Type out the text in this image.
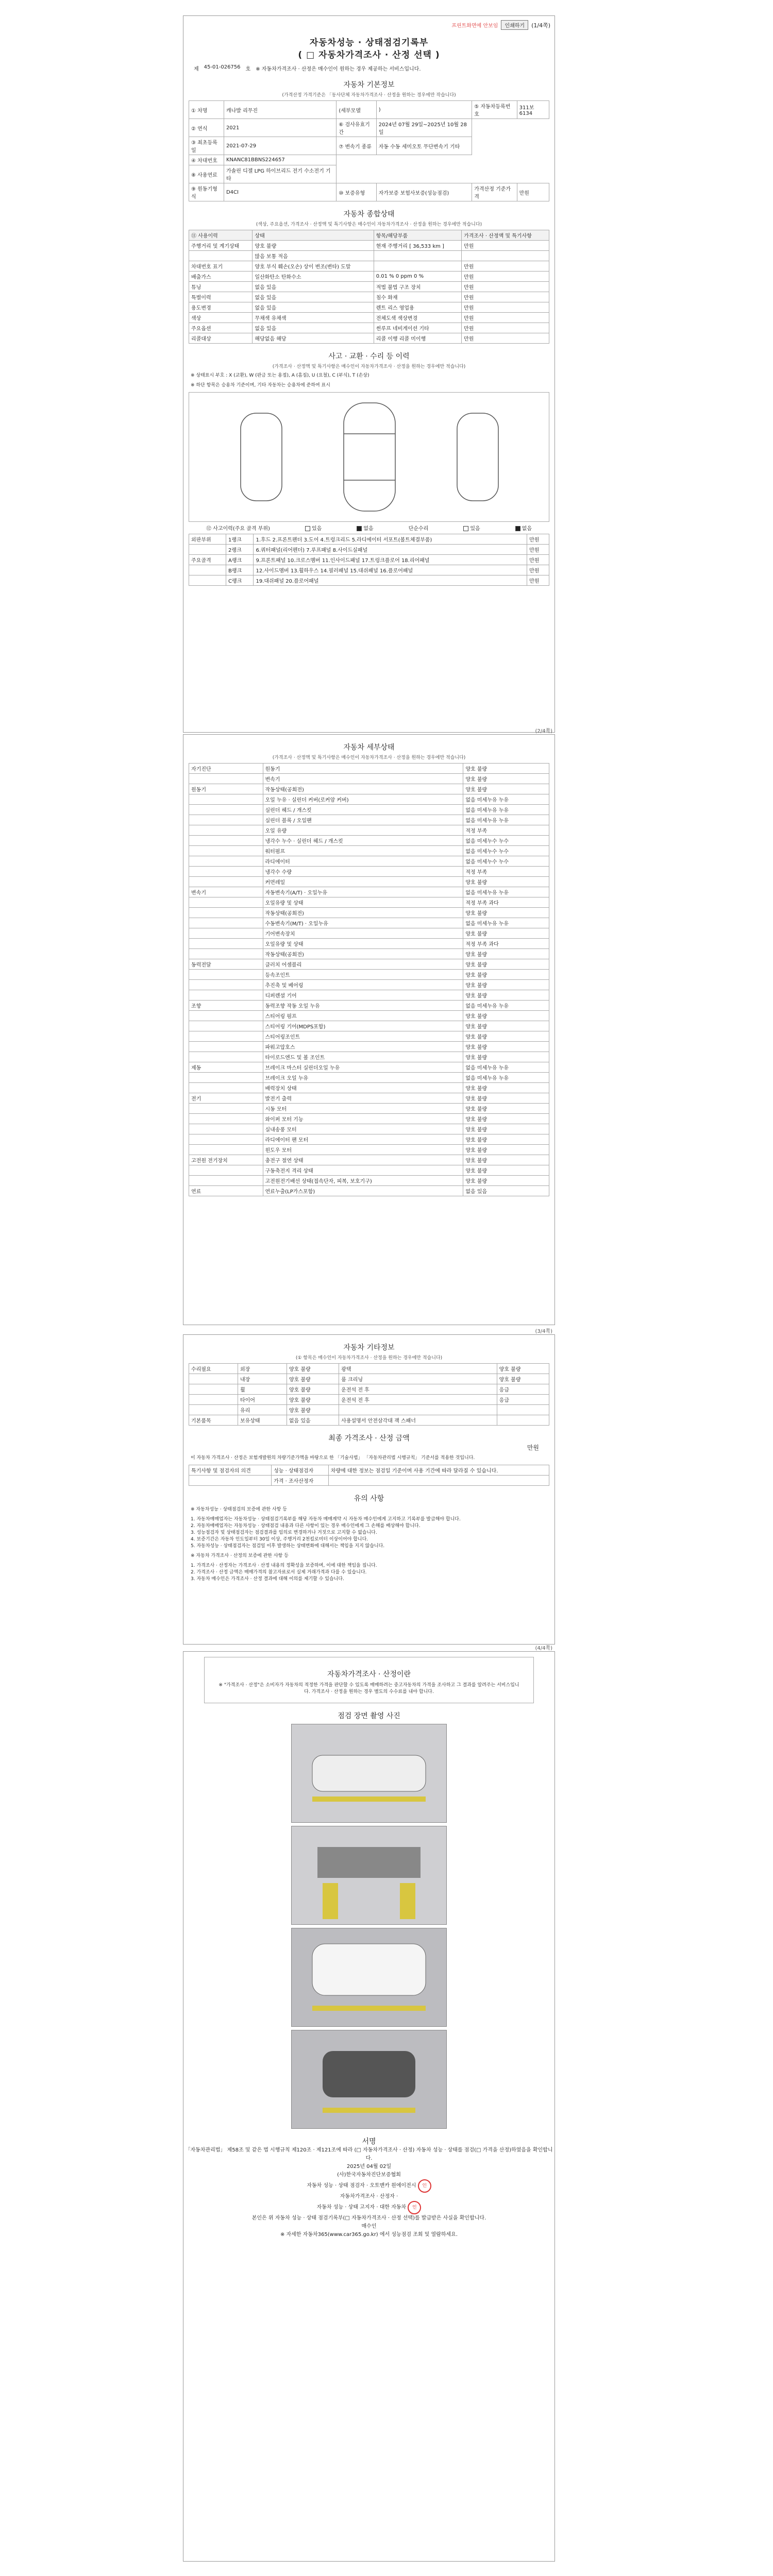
프린트화면에 안보임	인쇄하기	(1/4쪽)
자동차성능 · 상태점검기록부
( □ 자동차가격조사 · 산정 선택 )
제 45-01-026756 호 ※ 자동차가격조사 · 산정은 매수인이 원하는 경우 제공하는 서비스입니다.
자동차 기본정보
(가격산정 가격기준은 「동사단체 자동차가격조사 · 산정을 원하는 경우에만 작습니다)
① 차명	캐나발 리무진	(세부모델	)	⑤ 자동차등록번호	311보6134
② 연식	2021	⑥ 검사유효기간	2024년 07월 29일~2025년 10월 28일		
③ 최초등록일	2021-07-29	⑦ 변속기 종류	자동 수동 세미오토 무단변속기 기타		
④ 차대번호	KNANC81BBNS224657				
⑧ 사용연료	가솔린 디젤 LPG 하이브리드 전기 수소전기 기타				
⑨ 원동기형식	D4CI	⑩ 보증유형	자가보증 보험사보증(성능점검)	가격산정 기준가격	만원
자동차 종합상태
(색상, 주요옵션, 가격조사 · 산정액 및 특기사항은 매수인이 자동차가격조사 · 산정을 원하는 경우에만 적습니다)
⑪ 사용이력	상태	항목/해당부품	가격조사 · 산정액 및 특기사항
주행거리 및 계기상태	양호 불량	현재 주행거리 [ 36,533 km ]	만원
	많음 보통 적음		
차대번호 표기	양호 부식 훼손(오손) 상이 변조(변타) 도말		만원
배출가스	일산화탄소 탄화수소	0.01 % 0 ppm 0 %	만원
튜닝	없음 있음	적법 불법 구조 장치	만원
특별이력	없음 있음	침수 화재	만원
용도변경	없음 있음	렌트 리스 영업용	만원
색상	무채색 유채색	전체도색 색상변경	만원
주요옵션	없음 있음	썬루프 네비게이션 기타	만원
리콜대상	해당없음 해당	리콜 이행 리콜 미이행	만원
사고 · 교환 · 수리 등 이력
(가격조사 · 산정액 및 특기사항은 매수인이 자동차가격조사 · 산정을 원하는 경우에만 적습니다)
※ 상태표시 부호 : X (교환), W (판금 또는 용접), A (흠집), U (요철), C (부식), T (손상)
※ 하단 항목은 승용차 기준이며, 기타 자동차는 승용차에 준하여 표시
⑫ 사고이력(주요 골격 부위)	있음	없음	단순수리	있음	없음
외판부위	1랭크	1.후드 2.프론트펜더 3.도어 4.트렁크리드 5.라디에이터 서포트(볼트체결부품)	만원
	2랭크	6.쿼터패널(리어펜더) 7.루프패널 8.사이드실패널	만원
주요골격	A랭크	9.프론트패널 10.크로스멤버 11.인사이드패널 17.트렁크플로어 18.리어패널	만원
	B랭크	12.사이드멤버 13.휠하우스 14.필러패널 15.대쉬패널 16.플로어패널	만원
	C랭크	19.대쉬패널 20.플로어패널	만원
(2/4쪽)
자동차 세부상태
(가격조사 · 산정액 및 특기사항은 매수인이 자동차가격조사 · 산정을 원하는 경우에만 적습니다)
자기진단	원동기	양호 불량
	변속기	양호 불량
원동기	작동상태(공회전)	양호 불량
	오일 누유 · 실린더 커버(로커암 커버)	없음 미세누유 누유
	실린더 헤드 / 개스킷	없음 미세누유 누유
	실린더 블록 / 오일팬	없음 미세누유 누유
	오일 유량	적정 부족
	냉각수 누수 · 실린더 헤드 / 개스킷	없음 미세누수 누수
	워터펌프	없음 미세누수 누수
	라디에이터	없음 미세누수 누수
	냉각수 수량	적정 부족
	커먼레일	양호 불량
변속기	자동변속기(A/T) · 오일누유	없음 미세누유 누유
	오일유량 및 상태	적정 부족 과다
	작동상태(공회전)	양호 불량
	수동변속기(M/T) · 오일누유	없음 미세누유 누유
	기어변속장치	양호 불량
	오일유량 및 상태	적정 부족 과다
	작동상태(공회전)	양호 불량
동력전달	클러치 어셈블리	양호 불량
	등속조인트	양호 불량
	추진축 및 베어링	양호 불량
	디퍼렌셜 기어	양호 불량
조향	동력조향 작동 오일 누유	없음 미세누유 누유
	스티어링 펌프	양호 불량
	스티어링 기어(MDPS포함)	양호 불량
	스티어링조인트	양호 불량
	파워고압호스	양호 불량
	타이로드엔드 및 볼 조인트	양호 불량
제동	브레이크 마스터 실린더오일 누유	없음 미세누유 누유
	브레이크 오일 누유	없음 미세누유 누유
	배력장치 상태	양호 불량
전기	발전기 출력	양호 불량
	시동 모터	양호 불량
	와이퍼 모터 기능	양호 불량
	실내송풍 모터	양호 불량
	라디에이터 팬 모터	양호 불량
	윈도우 모터	양호 불량
고전원 전기장치	충전구 절연 상태	양호 불량
	구동축전지 격리 상태	양호 불량
	고전원전기배선 상태(접속단자, 피복, 보호기구)	양호 불량
연료	연료누출(LP가스포함)	없음 있음
(3/4쪽)
자동차 기타정보
(① 항목은 매수인이 자동차가격조사 · 산정을 원하는 경우에만 적습니다)
수리필요	외장	양호 불량	광택	양호 불량
	내장	양호 불량	룸 크리닝	양호 불량
	휠	양호 불량	운전석 전 후	응급
	타이어	양호 불량	운전석 전 후	응급
	유리	양호 불량		
기본품목	보유상태	없음 있음	사용설명서 안전삼각대 잭 스패너	
최종 가격조사 · 산정 금액
만원
이 자동차 가격조사 · 산정은 보험개발원의 차량기준가액을 바탕으로 한 「기술사법」 「자동차관리법 시행규칙」 기준서를 적용한 것입니다.
특기사항 및 점검자의 의견	성능 · 상태점검자	차량에 대한 정보는 점검일 기준이며 사용 기간에 따라 달라질 수 있습니다.
	가격 · 조사산정자	
유의 사항
※ 자동차성능 · 상태점검의 보증에 관한 사항 등
1. 자동차매매업자는 자동차성능 · 상태점검기록부를 해당 자동차 매매계약 시 자동차 매수인에게 고지하고 기록부를 발급해야 합니다.
2. 자동차매매업자는 자동차성능 · 상태점검 내용과 다른 사항이 있는 경우 매수인에게 그 손해를 배상해야 합니다.
3. 성능점검자 및 상태점검자는 점검결과를 임의로 변경하거나 거짓으로 고지할 수 없습니다.
4. 보증기간은 자동차 인도일부터 30일 이상, 주행거리 2천킬로미터 이상이어야 합니다.
5. 자동차성능 · 상태점검자는 점검일 이후 발생하는 상태변화에 대해서는 책임을 지지 않습니다.
※ 자동차 가격조사 · 산정의 보증에 관한 사항 등
1. 가격조사 · 산정자는 가격조사 · 산정 내용의 정확성을 보증하며, 이에 대한 책임을 집니다.
2. 가격조사 · 산정 금액은 매매가격의 참고자료로서 실제 거래가격과 다를 수 있습니다.
3. 자동차 매수인은 가격조사 · 산정 결과에 대해 이의를 제기할 수 있습니다.
(4/4쪽)
자동차가격조사 · 산정이란
※ "가격조사 · 산정"은 소비자가 자동차의 적정한 가격을 판단할 수 있도록 매매하려는 중고자동차의 가격을 조사하고 그 결과를 알려주는 서비스입니다. 가격조사 · 산정을 원하는 경우 별도의 수수료를 내야 합니다.
점검 장면 촬영 사진
서명
「자동차관리법」 제58조 및 같은 법 시행규칙 제120조 · 제121조에 따라 (□ 자동차가격조사 · 산정) 자동차 성능 · 상태를 점검(□ 가격을 산정)하였음을 확인합니다.
2025년 04월 02일
(사)한국자동차진단보증협회
자동차 성능 · 상태 점검자 · 오토맨카 원에이전시 인
자동차가격조사 · 산정자 ·
자동차 성능 · 상태 고지자 · 대한 자동차 인
본인은 위 자동차 성능 · 상태 점검기록부(□ 자동차가격조사 · 산정 선택)를 발급받은 사실을 확인합니다.
매수인
※ 자세한 자동차365(www.car365.go.kr) 에서 성능점검 조회 및 열람하세요.
